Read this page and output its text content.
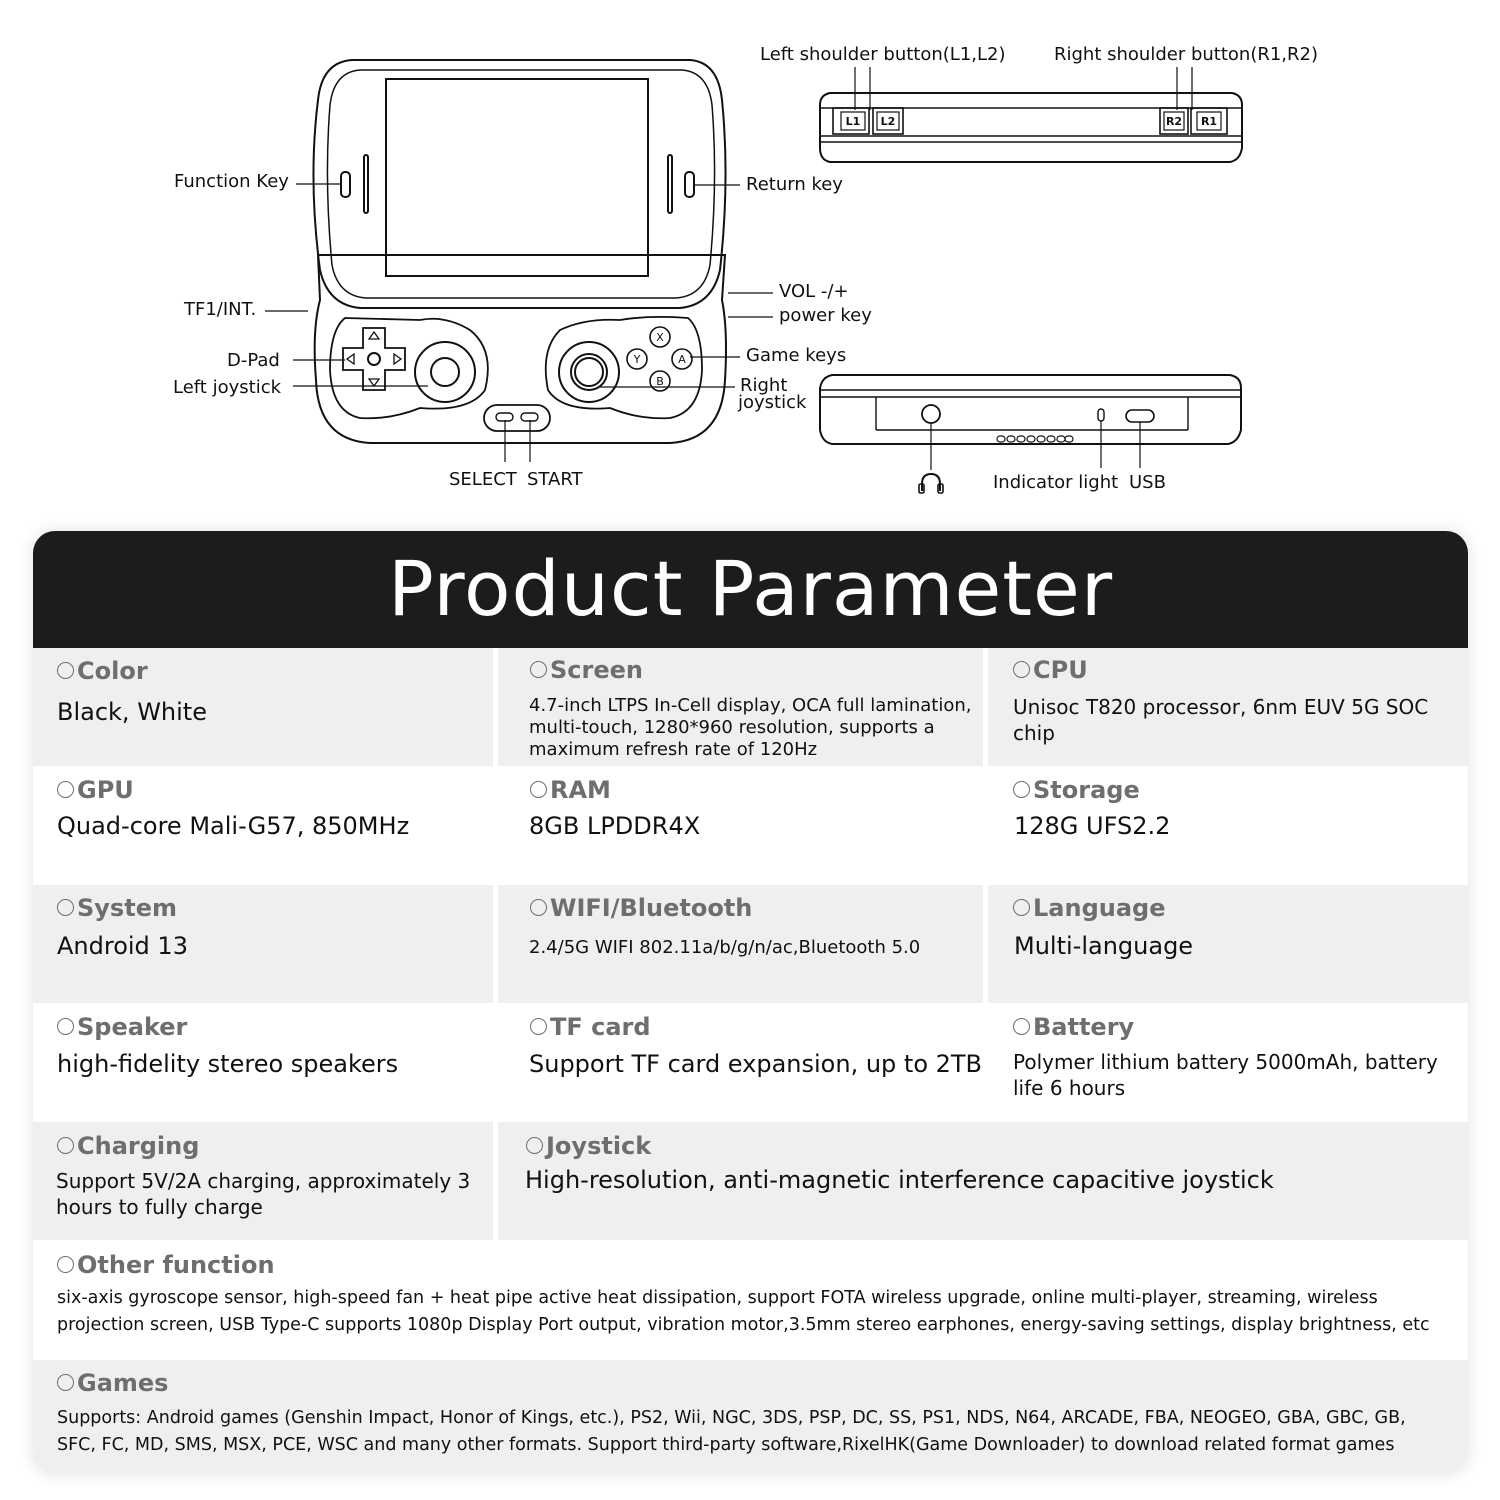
L1 L2	R2 R1
X
Y	A
B
Function Key
TF1/INT.
D-Pad
Left joystick
SELECT START
Return key
VOL -/+
power key
Game keys
Right
joystick
Left shoulder button(L1,L2)	Right shoulder button(R1,R2)
Indicator light USB
Product Parameter
Color
Black, White
Screen
4.7-inch LTPS In-Cell display, OCA full lamination, multi-touch, 1280*960 resolution, supports a maximum refresh rate of 120Hz
CPU
Unisoc T820 processor, 6nm EUV 5G SOC chip
GPU
Quad-core Mali-G57, 850MHz
RAM
8GB LPDDR4X
Storage
128G UFS2.2
System
Android 13
WIFI/Bluetooth
2.4/5G WIFI 802.11a/b/g/n/ac,Bluetooth 5.0
Language
Multi-language
Speaker
high-fidelity stereo speakers
TF card
Support TF card expansion, up to 2TB
Battery
Polymer lithium battery 5000mAh, battery life 6 hours
Charging
Support 5V/2A charging, approximately 3 hours to fully charge
Joystick
High-resolution, anti-magnetic interference capacitive joystick
Other function
six-axis gyroscope sensor, high-speed fan + heat pipe active heat dissipation, support FOTA wireless upgrade, online multi-player, streaming, wireless projection screen, USB Type-C supports 1080p Display Port output, vibration motor,3.5mm stereo earphones, energy-saving settings, display brightness, etc
Games
Supports: Android games (Genshin Impact, Honor of Kings, etc.), PS2, Wii, NGC, 3DS, PSP, DC, SS, PS1, NDS, N64, ARCADE, FBA, NEOGEO, GBA, GBC, GB, SFC, FC, MD, SMS, MSX, PCE, WSC and many other formats. Support third-party software,RixelHK(Game Downloader) to download related format games
